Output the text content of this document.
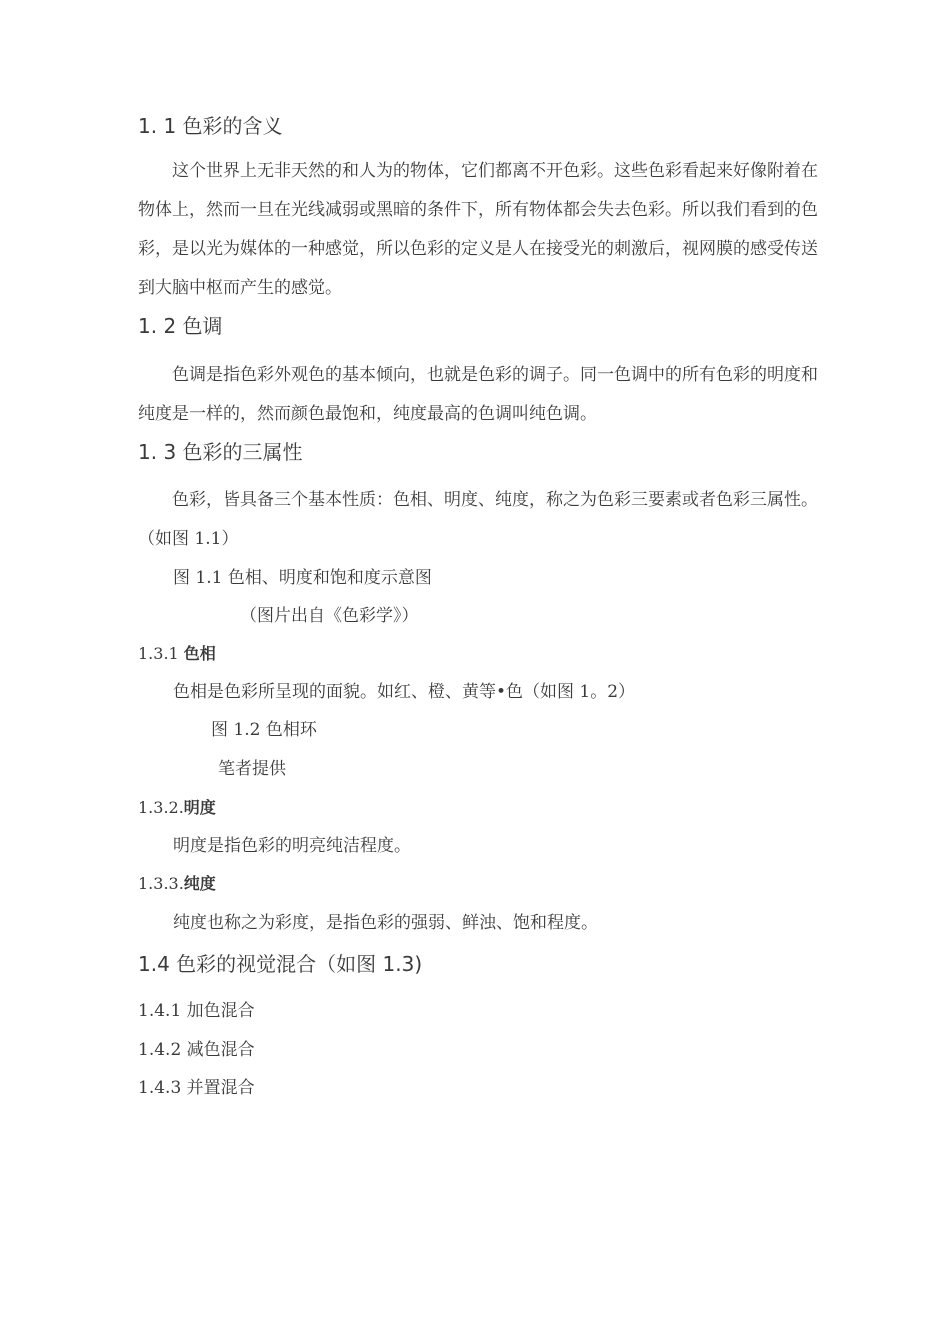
1. 1 色彩的含义
这个世界上无非天然的和人为的物体，它们都离不开色彩。这些色彩看起来好像附着在物体上，然而一旦在光线减弱或黑暗的条件下，所有物体都会失去色彩。所以我们看到的色彩，是以光为媒体的一种感觉，所以色彩的定义是人在接受光的刺激后，视网膜的感受传送到大脑中枢而产生的感觉。
1. 2 色调
色调是指色彩外观色的基本倾向，也就是色彩的调子。同一色调中的所有色彩的明度和纯度是一样的，然而颜色最饱和，纯度最高的色调叫纯色调。
1. 3 色彩的三属性
色彩，皆具备三个基本性质：色相、明度、纯度，称之为色彩三要素或者色彩三属性。（如图 1.1）
图 1.1 色相、明度和饱和度示意图
（图片出自《色彩学》）
1.3.1 色相
色相是色彩所呈现的面貌。如红、橙、黄等•色（如图 1。2）
图 1.2 色相环
笔者提供
1.3.2.明度
明度是指色彩的明亮纯洁程度。
1.3.3.纯度
纯度也称之为彩度，是指色彩的强弱、鲜浊、饱和程度。
1.4 色彩的视觉混合（如图 1.3)
1.4.1 加色混合
1.4.2 减色混合
1.4.3 并置混合
